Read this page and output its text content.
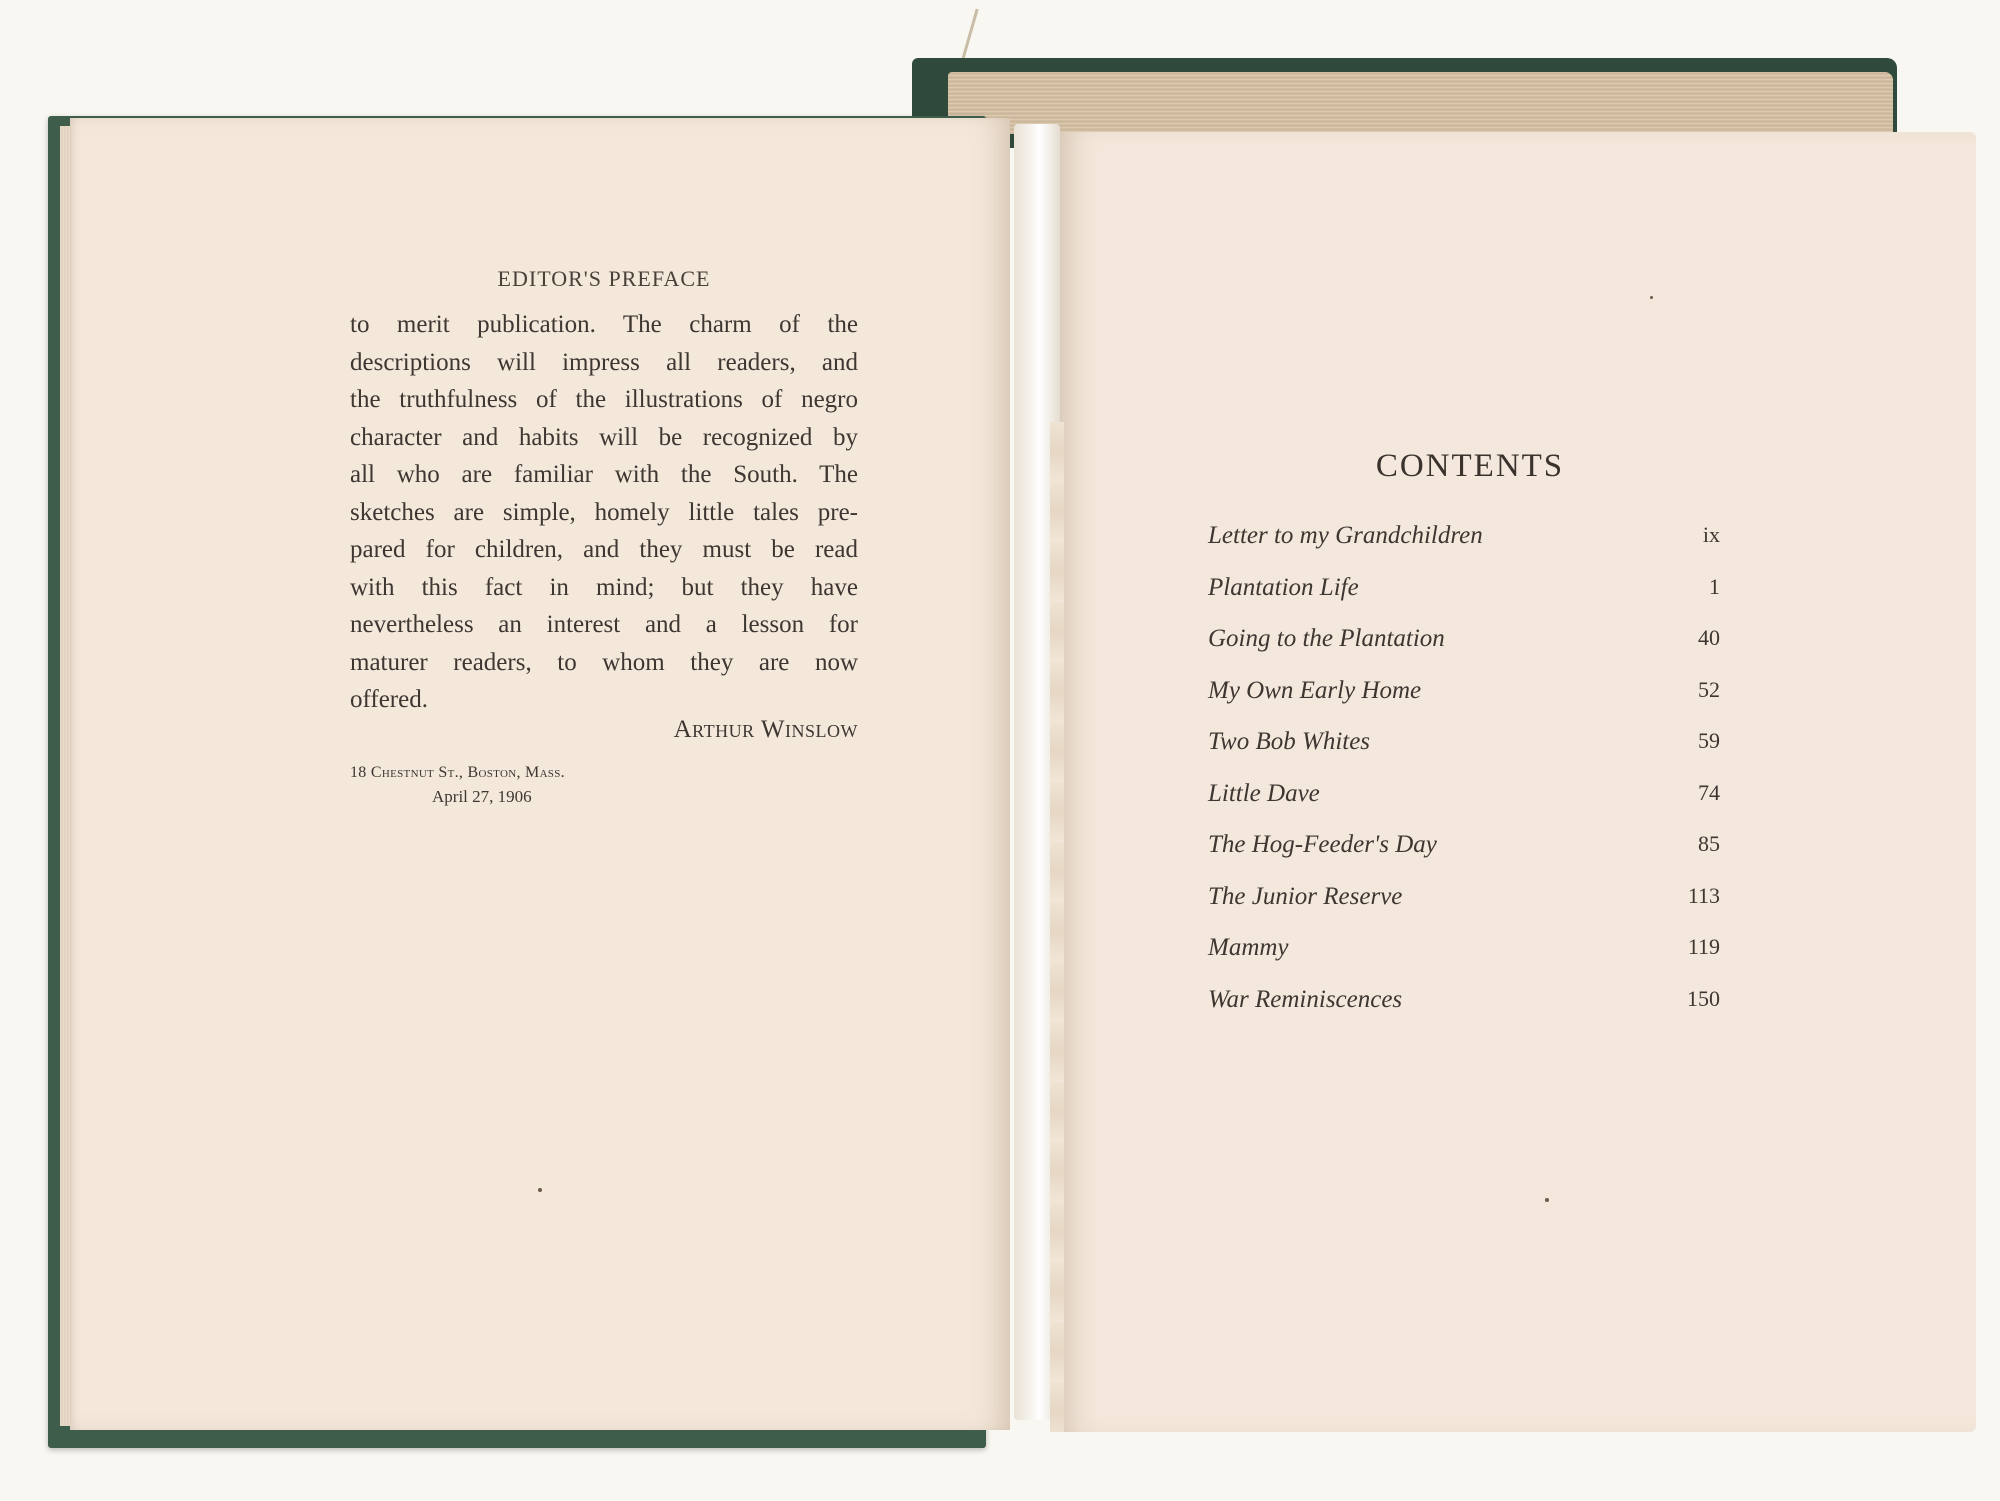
EDITOR'S PREFACE
to merit publication. The charm of the
descriptions will impress all readers, and
the truthfulness of the illustrations of negro
character and habits will be recognized by
all who are familiar with the South. The
sketches are simple, homely little tales pre-
pared for children, and they must be read
with this fact in mind; but they have
nevertheless an interest and a lesson for
maturer readers, to whom they are now
offered.
Arthur Winslow
18 Chestnut St., Boston, Mass.
April 27, 1906
CONTENTS
Letter to my Grandchildren	ix
Plantation Life	1
Going to the Plantation	40
My Own Early Home	52
Two Bob Whites	59
Little Dave	74
The Hog-Feeder's Day	85
The Junior Reserve	113
Mammy	119
War Reminiscences	150
